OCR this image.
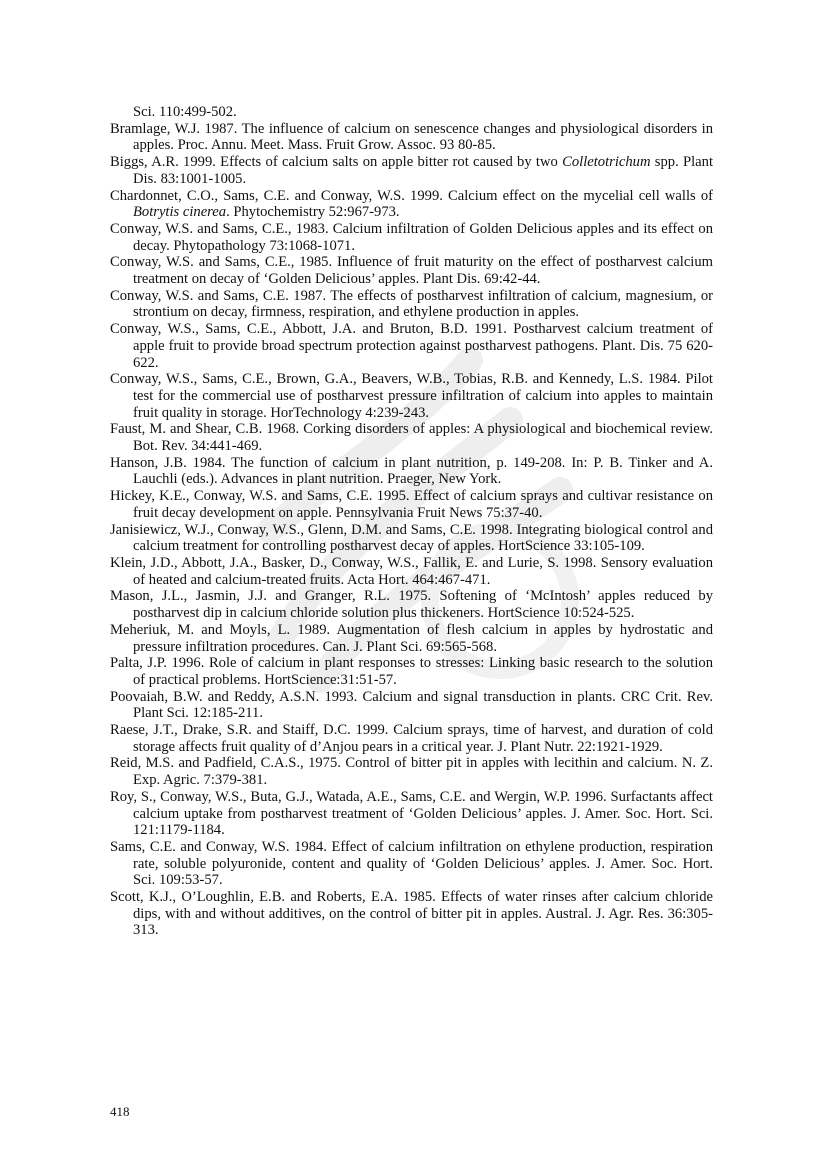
Sci. 110:499-502.

Bramlage, W.J. 1987. The influence of calcium on senescence changes and physiological disorders in apples. Proc. Annu. Meet. Mass. Fruit Grow. Assoc. 93 80-85.

Biggs, A.R. 1999. Effects of calcium salts on apple bitter rot caused by two Colletotrichum spp. Plant Dis. 83:1001-1005.

Chardonnet, C.O., Sams, C.E. and Conway, W.S. 1999. Calcium effect on the mycelial cell walls of Botrytis cinerea. Phytochemistry 52:967-973.

Conway, W.S. and Sams, C.E., 1983. Calcium infiltration of Golden Delicious apples and its effect on decay. Phytopathology 73:1068-1071.

Conway, W.S. and Sams, C.E., 1985. Influence of fruit maturity on the effect of postharvest calcium treatment on decay of ‘Golden Delicious’ apples. Plant Dis. 69:42-44.

Conway, W.S. and Sams, C.E. 1987. The effects of postharvest infiltration of calcium, magnesium, or strontium on decay, firmness, respiration, and ethylene production in apples.

Conway, W.S., Sams, C.E., Abbott, J.A. and Bruton, B.D. 1991. Postharvest calcium treatment of apple fruit to provide broad spectrum protection against postharvest pathogens. Plant. Dis. 75 620-622.

Conway, W.S., Sams, C.E., Brown, G.A., Beavers, W.B., Tobias, R.B. and Kennedy, L.S. 1984. Pilot test for the commercial use of postharvest pressure infiltration of calcium into apples to maintain fruit quality in storage. HorTechnology 4:239-243.

Faust, M. and Shear, C.B. 1968. Corking disorders of apples: A physiological and biochemical review. Bot. Rev. 34:441-469.

Hanson, J.B. 1984. The function of calcium in plant nutrition, p. 149-208. In: P. B. Tinker and A. Lauchli (eds.). Advances in plant nutrition. Praeger, New York.

Hickey, K.E., Conway, W.S. and Sams, C.E. 1995. Effect of calcium sprays and cultivar resistance on fruit decay development on apple. Pennsylvania Fruit News 75:37-40.

Janisiewicz, W.J., Conway, W.S., Glenn, D.M. and Sams, C.E. 1998. Integrating biological control and calcium treatment for controlling postharvest decay of apples. HortScience 33:105-109.

Klein, J.D., Abbott, J.A., Basker, D., Conway, W.S., Fallik, E. and Lurie, S. 1998. Sensory evaluation of heated and calcium-treated fruits. Acta Hort. 464:467-471.

Mason, J.L., Jasmin, J.J. and Granger, R.L. 1975. Softening of ‘McIntosh’ apples reduced by postharvest dip in calcium chloride solution plus thickeners. HortScience 10:524-525.

Meheriuk, M. and Moyls, L. 1989. Augmentation of flesh calcium in apples by hydrostatic and pressure infiltration procedures. Can. J. Plant Sci. 69:565-568.

Palta, J.P. 1996. Role of calcium in plant responses to stresses: Linking basic research to the solution of practical problems. HortScience:31:51-57.

Poovaiah, B.W. and Reddy, A.S.N. 1993. Calcium and signal transduction in plants. CRC Crit. Rev. Plant Sci. 12:185-211.

Raese, J.T., Drake, S.R. and Staiff, D.C. 1999. Calcium sprays, time of harvest, and duration of cold storage affects fruit quality of d’Anjou pears in a critical year. J. Plant Nutr. 22:1921-1929.

Reid, M.S. and Padfield, C.A.S., 1975. Control of bitter pit in apples with lecithin and calcium. N. Z. Exp. Agric. 7:379-381.

Roy, S., Conway, W.S., Buta, G.J., Watada, A.E., Sams, C.E. and Wergin, W.P. 1996. Surfactants affect calcium uptake from postharvest treatment of ‘Golden Delicious’ apples. J. Amer. Soc. Hort. Sci. 121:1179-1184.

Sams, C.E. and Conway, W.S. 1984. Effect of calcium infiltration on ethylene production, respiration rate, soluble polyuronide, content and quality of ‘Golden Delicious’ apples. J. Amer. Soc. Hort. Sci. 109:53-57.

Scott, K.J., O’Loughlin, E.B. and Roberts, E.A. 1985. Effects of water rinses after calcium chloride dips, with and without additives, on the control of bitter pit in apples. Austral. J. Agr. Res. 36:305-313.

418
